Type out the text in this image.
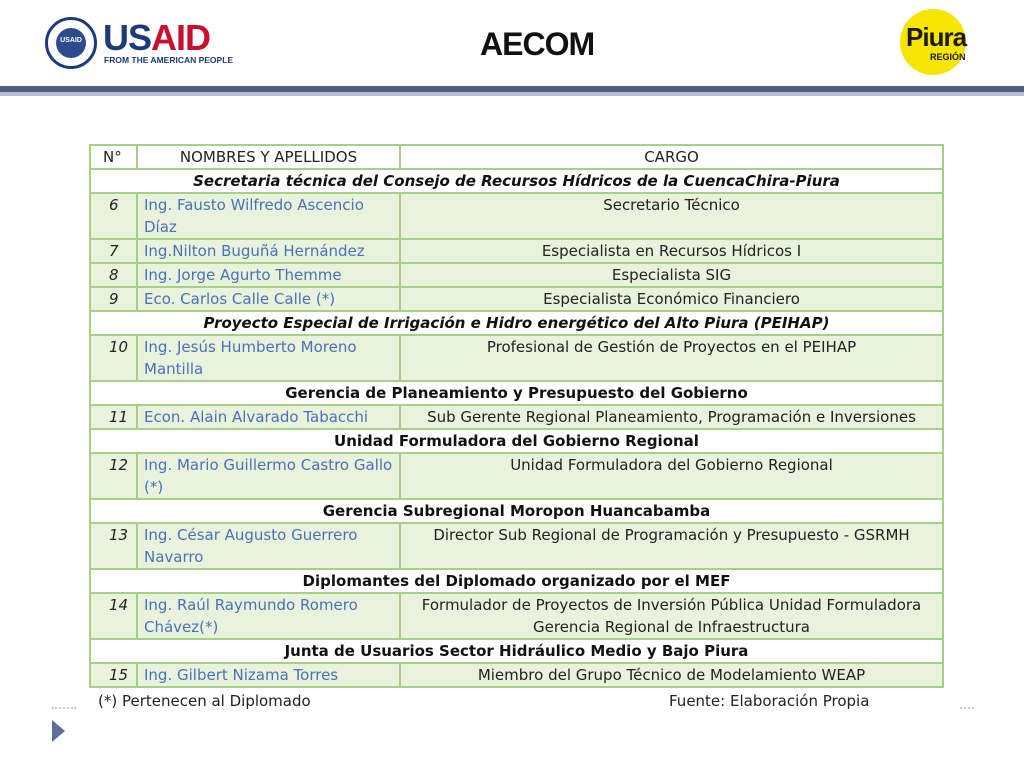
USAID USAID
FROM THE AMERICAN PEOPLE	AECOM	Piura
REGIÓN
N°	NOMBRES Y APELLIDOS	CARGO
Secretaria técnica del Consejo de Recursos Hídricos de la CuencaChira-Piura		
6	Ing. Fausto Wilfredo Ascencio Díaz	Secretario Técnico
7	Ing.Nilton Buguñá Hernández	Especialista en Recursos Hídricos I
8	Ing. Jorge Agurto Themme	Especialista SIG
9	Eco. Carlos Calle Calle (*)	Especialista Económico Financiero
Proyecto Especial de Irrigación e Hidro energético del Alto Piura (PEIHAP)		
10	Ing. Jesús Humberto Moreno Mantilla	Profesional de Gestión de Proyectos en el PEIHAP
Gerencia de Planeamiento y Presupuesto del Gobierno		
11	Econ. Alain Alvarado Tabacchi	Sub Gerente Regional Planeamiento, Programación e Inversiones
Unidad Formuladora del Gobierno Regional		
12	Ing. Mario Guillermo Castro Gallo (*)	Unidad Formuladora del Gobierno Regional
Gerencia Subregional Moropon Huancabamba		
13	Ing. César Augusto Guerrero Navarro	Director Sub Regional de Programación y Presupuesto - GSRMH
Diplomantes del Diplomado organizado por el MEF		
14	Ing. Raúl Raymundo Romero Chávez(*)	Formulador de Proyectos de Inversión Pública Unidad Formuladora Gerencia Regional de Infraestructura
Junta de Usuarios Sector Hidráulico Medio y Bajo Piura		
15	Ing. Gilbert Nizama Torres	Miembro del Grupo Técnico de Modelamiento WEAP
(*) Pertenecen al Diplomado	Fuente: Elaboración Propia
